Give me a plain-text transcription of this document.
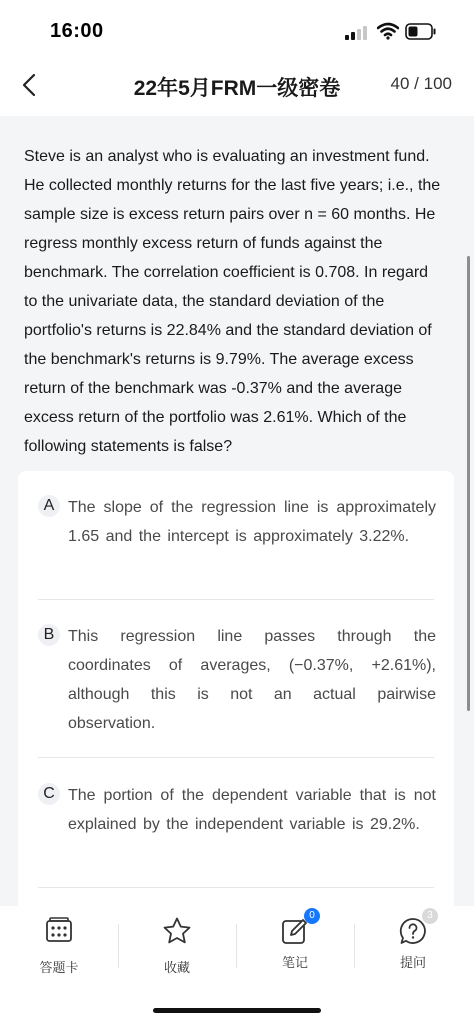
16:00
22年5月FRM一级密卷	40 / 100
Steve is an analyst who is evaluating an investment fund. He collected monthly returns for the last five years; i.e., the sample size is excess return pairs over n = 60 months. He regress monthly excess return of funds against the benchmark. The correlation coefficient is 0.708. In regard to the univariate data, the standard deviation of the portfolio's returns is 22.84% and the standard deviation of the benchmark's returns is 9.79%. The average excess return of the benchmark was -0.37% and the average excess return of the portfolio was 2.61%. Which of the following statements is false?
A The slope of the regression line is approximately 1.65 and the intercept is approximately 3.22%.
B This regression line passes through the coordinates of averages, (−0.37%, +2.61%), although this is not an actual pairwise observation.
C The portion of the dependent variable that is not explained by the independent variable is 29.2%.
答题卡	收藏
0
笔记
3
提问
